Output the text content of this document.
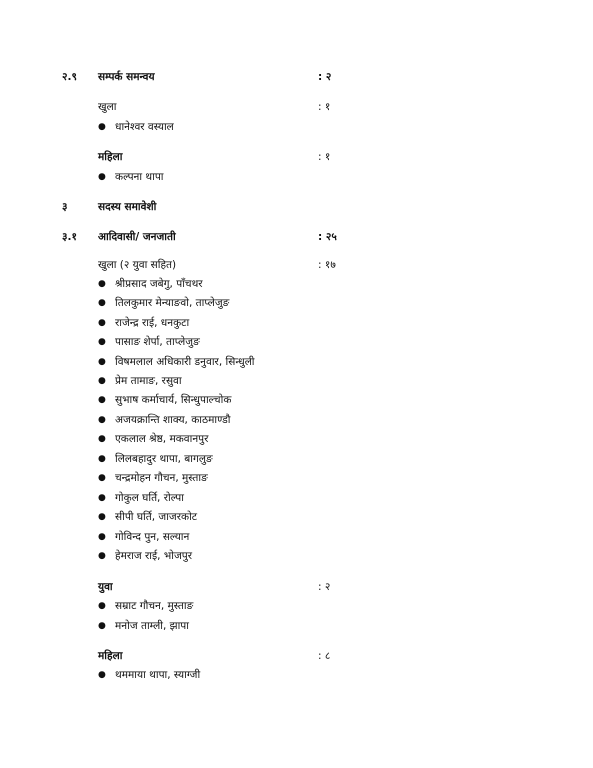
२.९ सम्पर्क समन्वय	: २
खुला	: १
● धानेश्वर वस्याल
महिला	: १
● कल्पना थापा
३	सदस्य समावेशी
३.१ आदिवासी/ जनजाती	: २५
खुला (२ युवा सहित)	: १७
● श्रीप्रसाद जबेगु, पाँचथर
● तिलकुमार मेन्याङवो, ताप्लेजुङ
● राजेन्द्र राई, धनकुटा
● पासाङ शेर्पा, ताप्लेजुङ
● विषमलाल अधिकारी डनुवार, सिन्धुली
● प्रेम तामाङ, रसुवा
● सुभाष कर्माचार्य, सिन्धुपाल्चोक
● अजयक्रान्ति शाक्य, काठमाण्डौ
● एकलाल श्रेष्ठ, मकवानपुर
● लिलबहादुर थापा, बागलुङ
● चन्द्रमोहन गौचन, मुस्ताङ
● गोकुल घर्ति, रोल्पा
● सीपी घर्ति, जाजरकोट
● गोविन्द पुन, सल्यान
● हेमराज राई, भोजपुर
युवा	: २
● सम्राट गौचन, मुस्ताङ
● मनोज ताम्ली, झापा
महिला	: ८
● थममाया थापा, स्याग्जी
